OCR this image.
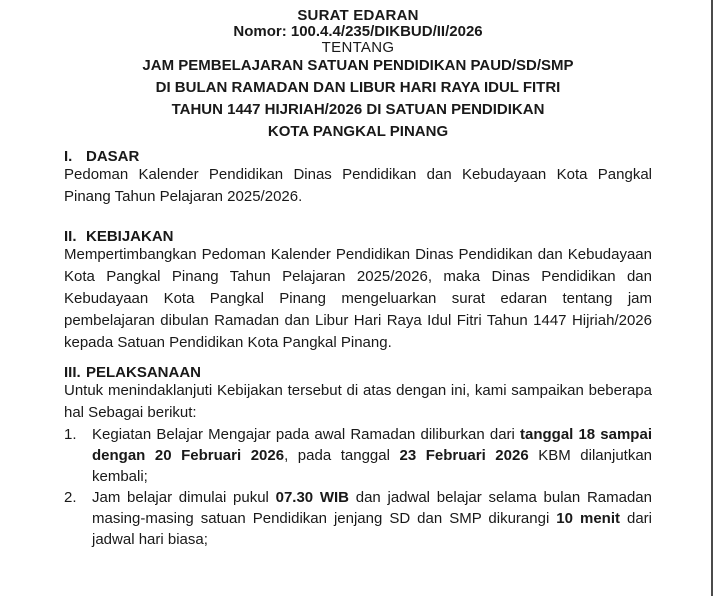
SURAT EDARAN
Nomor: 100.4.4/235/DIKBUD/II/2026
TENTANG
JAM PEMBELAJARAN SATUAN PENDIDIKAN PAUD/SD/SMP
DI BULAN RAMADAN DAN LIBUR HARI RAYA IDUL FITRI
TAHUN 1447 HIJRIAH/2026 DI SATUAN PENDIDIKAN
KOTA PANGKAL PINANG
I. DASAR

Pedoman Kalender Pendidikan Dinas Pendidikan dan Kebudayaan Kota Pangkal Pinang Tahun Pelajaran 2025/2026.

II. KEBIJAKAN

Mempertimbangkan Pedoman Kalender Pendidikan Dinas Pendidikan dan Kebudayaan Kota Pangkal Pinang Tahun Pelajaran 2025/2026, maka Dinas Pendidikan dan Kebudayaan Kota Pangkal Pinang mengeluarkan surat edaran tentang jam pembelajaran dibulan Ramadan dan Libur Hari Raya Idul Fitri Tahun 1447 Hijriah/2026 kepada Satuan Pendidikan Kota Pangkal Pinang.

III. PELAKSANAAN

Untuk menindaklanjuti Kebijakan tersebut di atas dengan ini, kami sampaikan beberapa hal Sebagai berikut:

1.	Kegiatan Belajar Mengajar pada awal Ramadan diliburkan dari tanggal 18 sampai dengan 20 Februari 2026, pada tanggal 23 Februari 2026 KBM dilanjutkan kembali;
2.	Jam belajar dimulai pukul 07.30 WIB dan jadwal belajar selama bulan Ramadan masing-masing satuan Pendidikan jenjang SD dan SMP dikurangi 10 menit dari jadwal hari biasa;
